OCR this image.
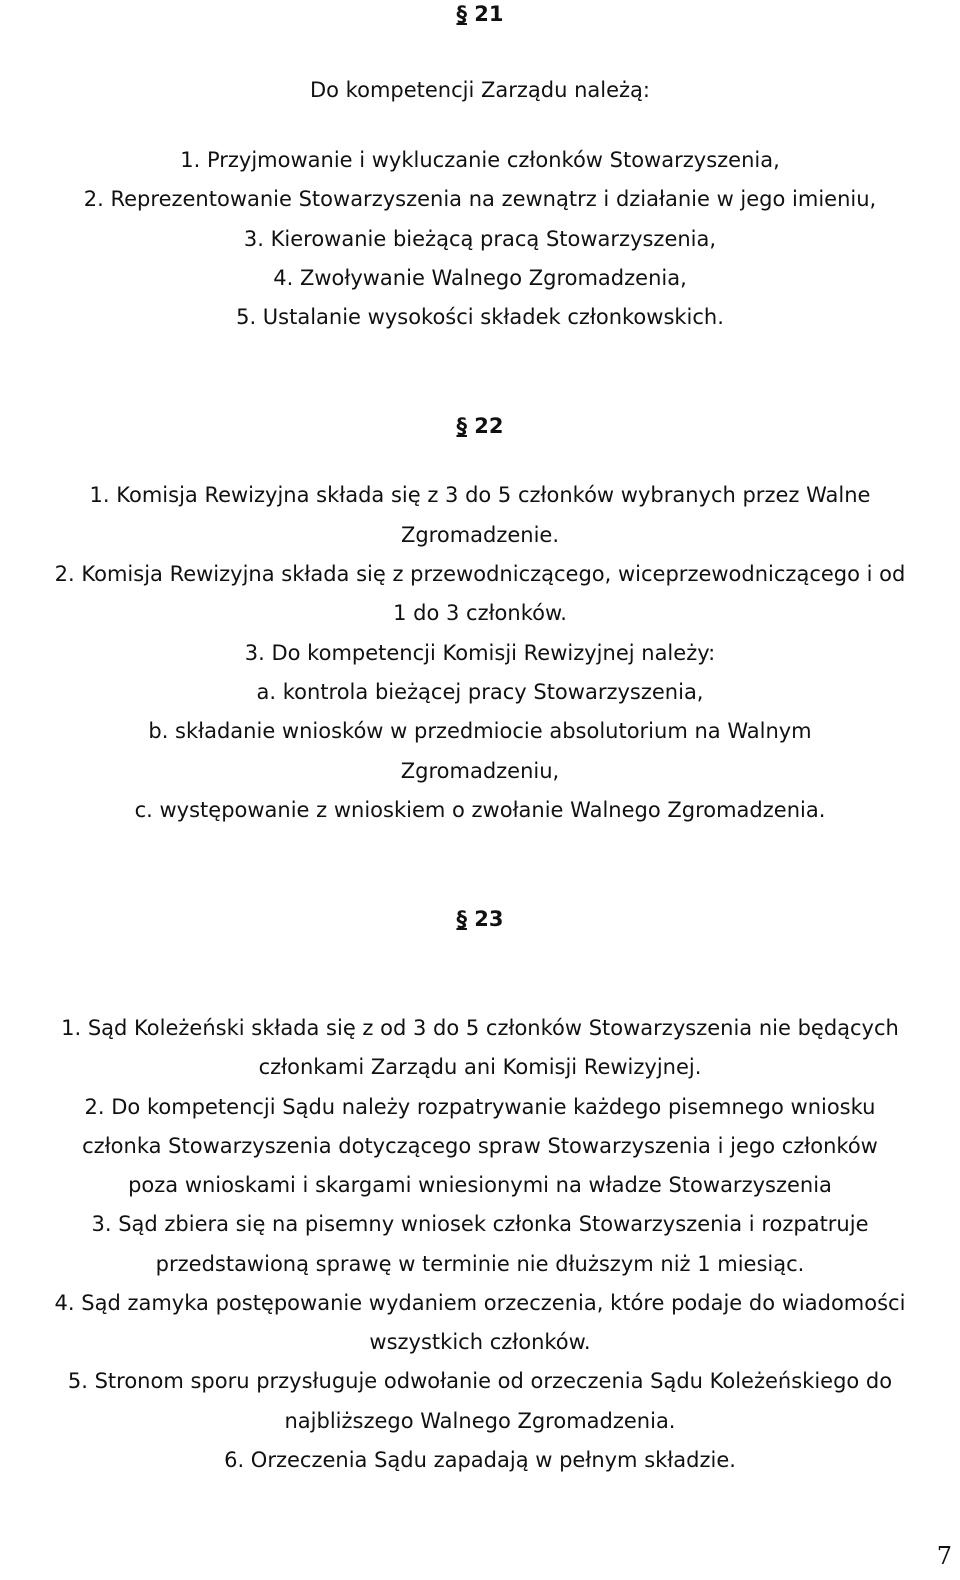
§ 21
Do kompetencji Zarządu należą:
1. Przyjmowanie i wykluczanie członków Stowarzyszenia,
2. Reprezentowanie Stowarzyszenia na zewnątrz i działanie w jego imieniu,
3. Kierowanie bieżącą pracą Stowarzyszenia,
4. Zwoływanie Walnego Zgromadzenia,
5. Ustalanie wysokości składek członkowskich.
§ 22
1. Komisja Rewizyjna składa się z 3 do 5 członków wybranych przez Walne
Zgromadzenie.
2. Komisja Rewizyjna składa się z przewodniczącego, wiceprzewodniczącego i od
1 do 3 członków.
3. Do kompetencji Komisji Rewizyjnej należy:
a. kontrola bieżącej pracy Stowarzyszenia,
b. składanie wniosków w przedmiocie absolutorium na Walnym
Zgromadzeniu,
c. występowanie z wnioskiem o zwołanie Walnego Zgromadzenia.
§ 23
1. Sąd Koleżeński składa się z od 3 do 5 członków Stowarzyszenia nie będących
członkami Zarządu ani Komisji Rewizyjnej.
2. Do kompetencji Sądu należy rozpatrywanie każdego pisemnego wniosku
członka Stowarzyszenia dotyczącego spraw Stowarzyszenia i jego członków
poza wnioskami i skargami wniesionymi na władze Stowarzyszenia
3. Sąd zbiera się na pisemny wniosek członka Stowarzyszenia i rozpatruje
przedstawioną sprawę w terminie nie dłuższym niż 1 miesiąc.
4. Sąd zamyka postępowanie wydaniem orzeczenia, które podaje do wiadomości
wszystkich członków.
5. Stronom sporu przysługuje odwołanie od orzeczenia Sądu Koleżeńskiego do
najbliższego Walnego Zgromadzenia.
6. Orzeczenia Sądu zapadają w pełnym składzie.
7
